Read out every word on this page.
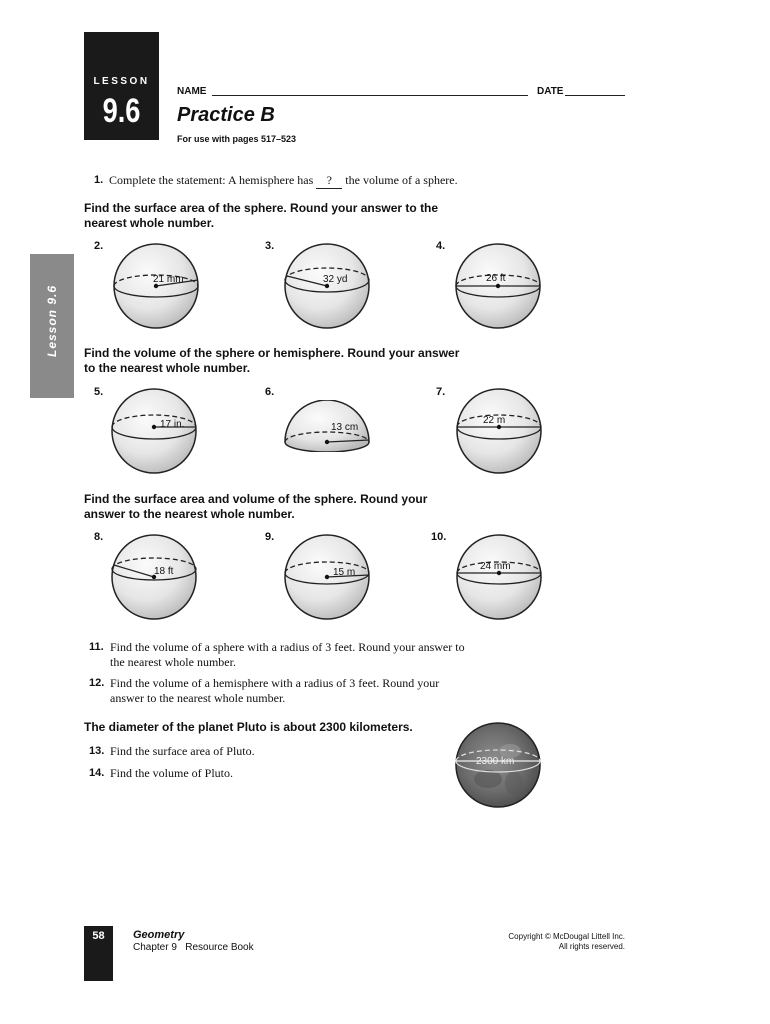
LESSON
9.6
Lesson 9.6
NAME	DATE
Practice B
For use with pages 517–523
1. Complete the statement: A hemisphere has ? the volume of a sphere.
Find the surface area of the sphere. Round your answer to the
nearest whole number.
2.	3.	4.
21 mm	32 yd	26 ft
Find the volume of the sphere or hemisphere. Round your answer
to the nearest whole number.
5.	6.	7.
17 in.	13 cm
22 m
Find the surface area and volume of the sphere. Round your
answer to the nearest whole number.
8.	9.	10.
18 ft	15 m
24 mm
11. Find the volume of a sphere with a radius of 3 feet. Round your answer to
the nearest whole number.
12. Find the volume of a hemisphere with a radius of 3 feet. Round your
answer to the nearest whole number.
The diameter of the planet Pluto is about 2300 kilometers.
13. Find the surface area of Pluto.
14. Find the volume of Pluto.
2300 km
58	Geometry
Chapter 9   Resource Book
Copyright © McDougal Littell Inc.
All rights reserved.
